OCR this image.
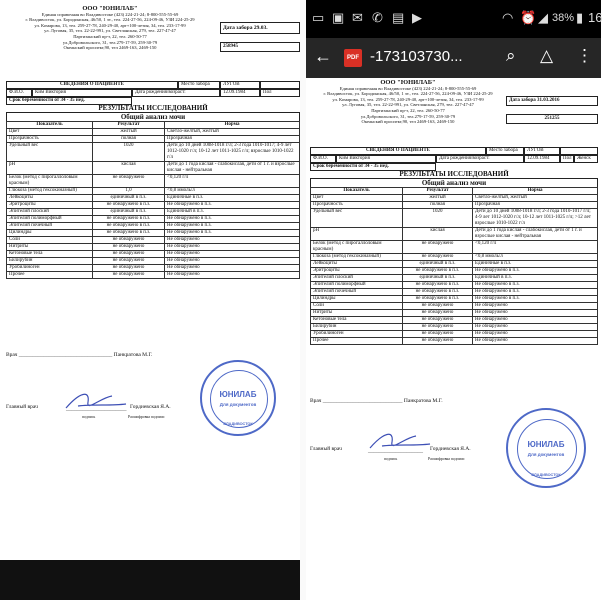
ООО "ЮНИЛАБ"
Единая справочная во Владивостоке (423) 224-21-24; 8-800-555-55-69
г. Владивосток, ул. Бородинская, 46/50, 1 эт., тел. 224-27-56, 224-09-46, УЗИ 224-25-29
ул. Комарова, 13, тел. 259-27-78, 240-29-40, арт+100-летия, 34, тел. 233-17-99
ул. Луговая, 35, тел. 22-22-991, ул. Светланская, 279, тел. 227-47-47
Партизанский пр-т, 22, тел. 260-50-77
ул.Добровольского, 31, тел.279-17-59, 259-30-79
Океанский проспект,90, тел 2469-163, 2469-150
Дата забора 29.03.
258945
СВЕДЕНИЯ О ПАЦИЕНТЕ	Место забора	ЛУГОВ
Ф.И.О.	Ким Виктория	Дата рождения/возраст:	12.09.1984	Пол
Срок беременности от 34 - 35 нед.
РЕЗУЛЬТАТЫ ИССЛЕДОВАНИЙ
Общий анализ мочи
Показатель	Результат	Норма
Цвет	желтый	Светло-желтый, желтый
Прозрачность	полная	Прозрачная
Удельный вес	1020	Дети до 10 дней 1008-1018 г/л; 2-3 года 1010-1017; 4-9 лет 1012-1020 г/л; 10-12 лет 1011-1025 г/л; взрослые 1010-1022 г/л
pH	кислая	Дети до 1 года кислая - слабокислая, дети от 1 г. и взрослые кислая - нейтральная
Белок (метод с пирогаллоловым красным)	не обнаружено	<0,120 г/л
Глюкоза (метод гексокиназный)	1,0	<0,8 ммоль/л
Лейкоциты	единичный в п.з.	Единичные в п.з.
Эритроциты	не обнаружено в п.з.	Не обнаружено в п.з.
Эпителий плоский	единичный в п.з.	Единичный в п.з.
Эпителий полиморфный	не обнаружено в п.з.	Не обнаружено в п.з.
Эпителий почечный	не обнаружено в п.з.	Не обнаружено в п.з.
Цилиндры	не обнаружено в п.з.	Не обнаружено в п.з.
Соли	не обнаружено	Не обнаружено
Нитриты	не обнаружено	Не обнаружено
Кетоновые тела	не обнаружено	Не обнаружено
Билирубин	не обнаружено	Не обнаружено
Уробилиноген	не обнаружено	Не обнаружено
Прочее	не обнаружено	Не обнаружено
Врач __________________________________ Панкратова М.Г.
Главный врач	______________________ Гордиевская Я.А.
подпись	Расшифровка подписи
ЮНИЛАБ
Для документов
ВЛАДИВОСТОК
▭ ▣ ✉ ✆ ▤ ▶	◠ ⏰ ◢ 38% ▮ 16
←	PDF -173103730...	⌕ △ ⋮
ООО "ЮНИЛАБ"
Единая справочная во Владивостоке (423) 224-21-24; 8-800-555-55-69
г. Владивосток, ул. Бородинская, 46/50, 1 эт., тел. 224-27-56, 224-09-46, УЗИ 224-25-29
ул. Комарова, 13, тел. 259-27-78, 240-29-40, арт+100-летия, 34, тел. 233-17-99
ул. Луговая, 35, тел. 22-22-991, ул. Светланская, 279, тел. 227-47-47
Партизанский пр-т, 22, тел. 260-50-77
ул.Добровольского, 31, тел.279-17-59, 259-30-79
Океанский проспект,90, тел 2469-163, 2469-150
Дата забора 31.03.2016
251255
СВЕДЕНИЯ О ПАЦИЕНТЕ	Место забора	ЛУГОВ
Ф.И.О.	Ким Виктория	Дата рождения/возраст:	12.09.1984	Пол	Женск
Срок беременности от 34 - 35 нед.
РЕЗУЛЬТАТЫ ИССЛЕДОВАНИЙ
Общий анализ мочи
Показатель	Результат	Норма
Цвет	желтый	Светло-желтый, желтый
Прозрачность	полная	Прозрачная
Удельный вес	1020	Дети до 10 дней 1008-1018 г/л; 2-3 года 1010-1017 г/л; 4-9 лет 1012-1020 г/л; 10-12 лет 1011-1025 г/л; >12 лет взрослые 1010-1022 г/л
pH	кислая	Дети до 1 года кислая - слабокислая, дети от 1 г. и взрослые кислая - нейтральная
Белок (метод с пирогаллоловым красным)	не обнаружено	<0,120 г/л
Глюкоза (метод гексокиназный)	не обнаружено	<0,8 ммоль/л
Лейкоциты	единичный в п.з.	Единичные в п.з.
Эритроциты	не обнаружено в п.з.	Не обнаружено в п.з.
Эпителий плоский	единичный в п.з.	Единичный в п.з.
Эпителий полиморфный	не обнаружено в п.з.	Не обнаружено в п.з.
Эпителий почечный	не обнаружено в п.з.	Не обнаружено в п.з.
Цилиндры	не обнаружено в п.з.	Не обнаружено в п.з.
Соли	не обнаружено	Не обнаружено
Нитриты	не обнаружено	Не обнаружено
Кетоновые тела	не обнаружено	Не обнаружено
Билирубин	не обнаружено	Не обнаружено
Уробилиноген	не обнаружено	Не обнаружено
Прочее	не обнаружено	Не обнаружено
Врач _____________________________ Панкратова М.Г.
Главный врач	____________________ Гордиевская Я.А.
подпись	Расшифровка подписи
ЮНИЛАБ
Для документов
ВЛАДИВОСТОК
